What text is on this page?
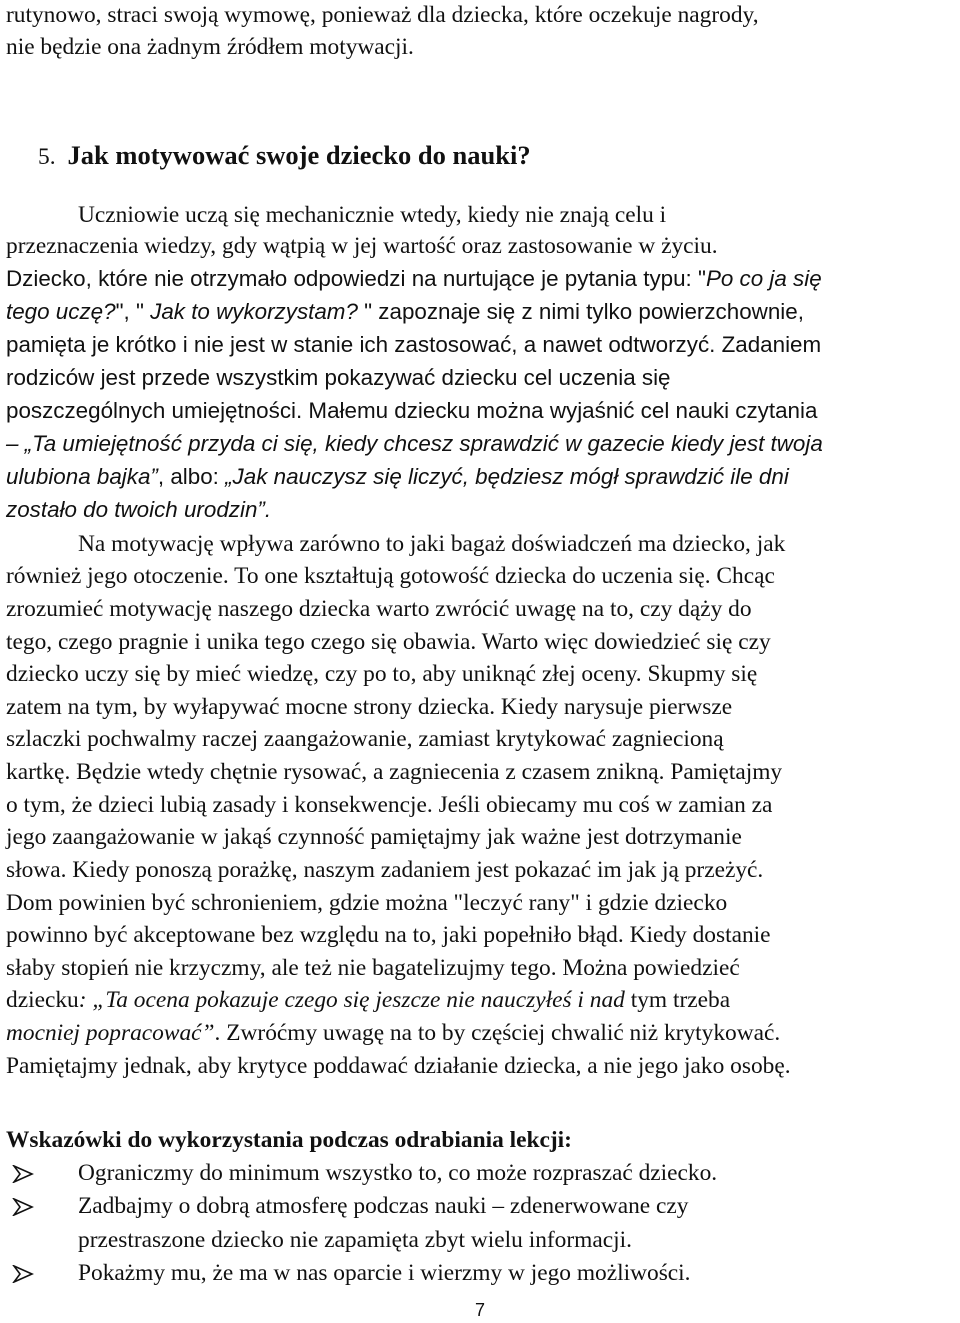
rutynowo, straci swoją wymowę, ponieważ dla dziecka, które oczekuje nagrody,
nie będzie ona żadnym źródłem motywacji.
5. Jak motywować swoje dziecko do nauki?
Uczniowie uczą się mechanicznie wtedy, kiedy nie znają celu i
przeznaczenia wiedzy, gdy wątpią w jej wartość oraz zastosowanie w życiu.
Dziecko, które nie otrzymało odpowiedzi na nurtujące je pytania typu: "Po co ja się
tego uczę?", " Jak to wykorzystam? " zapoznaje się z nimi tylko powierzchownie,
pamięta je krótko i nie jest w stanie ich zastosować, a nawet odtworzyć. Zadaniem
rodziców jest przede wszystkim pokazywać dziecku cel uczenia się
poszczególnych umiejętności. Małemu dziecku można wyjaśnić cel nauki czytania
– „Ta umiejętność przyda ci się, kiedy chcesz sprawdzić w gazecie kiedy jest twoja
ulubiona bajka”, albo: „Jak nauczysz się liczyć, będziesz mógł sprawdzić ile dni
zostało do twoich urodzin”.
Na motywację wpływa zarówno to jaki bagaż doświadczeń ma dziecko, jak
również jego otoczenie. To one kształtują gotowość dziecka do uczenia się. Chcąc
zrozumieć motywację naszego dziecka warto zwrócić uwagę na to, czy dąży do
tego, czego pragnie i unika tego czego się obawia. Warto więc dowiedzieć się czy
dziecko uczy się by mieć wiedzę, czy po to, aby uniknąć złej oceny. Skupmy się
zatem na tym, by wyłapywać mocne strony dziecka. Kiedy narysuje pierwsze
szlaczki pochwalmy raczej zaangażowanie, zamiast krytykować zagniecioną
kartkę. Będzie wtedy chętnie rysować, a zagniecenia z czasem znikną. Pamiętajmy
o tym, że dzieci lubią zasady i konsekwencje. Jeśli obiecamy mu coś w zamian za
jego zaangażowanie w jakąś czynność pamiętajmy jak ważne jest dotrzymanie
słowa. Kiedy ponoszą porażkę, naszym zadaniem jest pokazać im jak ją przeżyć.
Dom powinien być schronieniem, gdzie można "leczyć rany" i gdzie dziecko
powinno być akceptowane bez względu na to, jaki popełniło błąd. Kiedy dostanie
słaby stopień nie krzyczmy, ale też nie bagatelizujmy tego. Można powiedzieć
dziecku: „Ta ocena pokazuje czego się jeszcze nie nauczyłeś i nad tym trzeba
mocniej popracować”. Zwróćmy uwagę na to by częściej chwalić niż krytykować.
Pamiętajmy jednak, aby krytyce poddawać działanie dziecka, a nie jego jako osobę.
Wskazówki do wykorzystania podczas odrabiania lekcji:
Ograniczmy do minimum wszystko to, co może rozpraszać dziecko.
Zadbajmy o dobrą atmosferę podczas nauki – zdenerwowane czy
przestraszone dziecko nie zapamięta zbyt wielu informacji.
Pokażmy mu, że ma w nas oparcie i wierzmy w jego możliwości.
7
